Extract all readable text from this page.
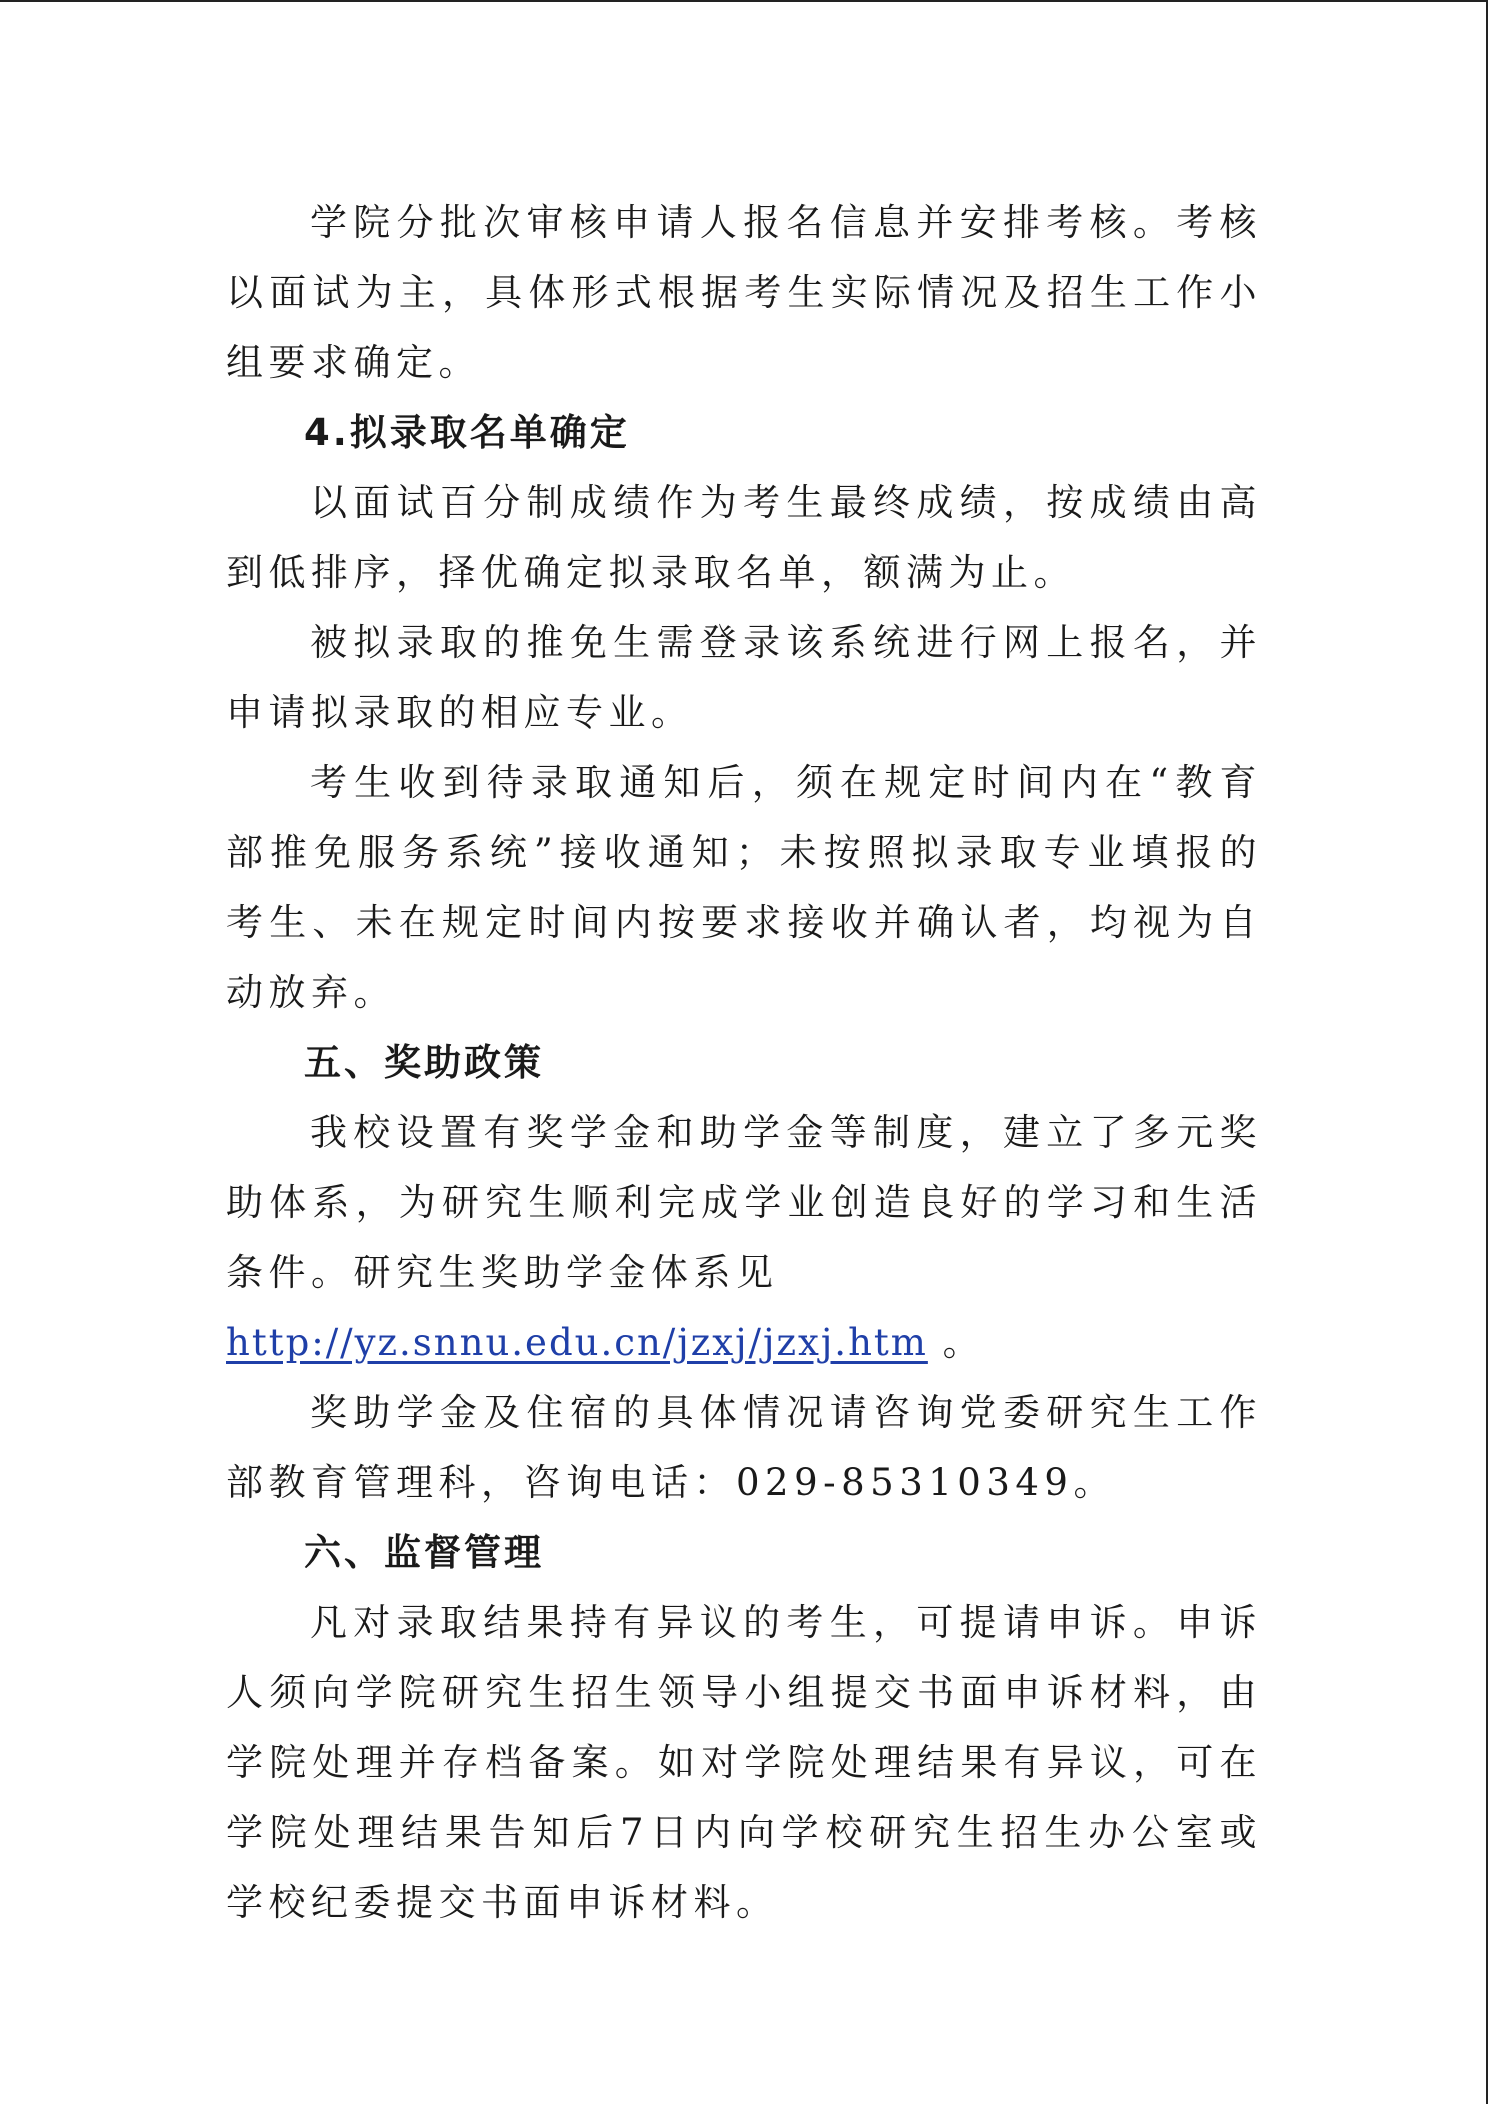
学院分批次审核申请人报名信息并安排考核。考核以面试为主，具体形式根据考生实际情况及招生工作小组要求确定。

4.拟录取名单确定

以面试百分制成绩作为考生最终成绩，按成绩由高到低排序，择优确定拟录取名单，额满为止。

被拟录取的推免生需登录该系统进行网上报名，并申请拟录取的相应专业。

考生收到待录取通知后，须在规定时间内在“教育部推免服务系统”接收通知；未按照拟录取专业填报的考生、未在规定时间内按要求接收并确认者，均视为自动放弃。

五、奖助政策

我校设置有奖学金和助学金等制度，建立了多元奖助体系，为研究生顺利完成学业创造良好的学习和生活条件。研究生奖助学金体系见

http://yz.snnu.edu.cn/jzxj/jzxj.htm 。

奖助学金及住宿的具体情况请咨询党委研究生工作部教育管理科，咨询电话：029-85310349。

六、监督管理

凡对录取结果持有异议的考生，可提请申诉。申诉人须向学院研究生招生领导小组提交书面申诉材料，由学院处理并存档备案。如对学院处理结果有异议，可在学院处理结果告知后7日内向学校研究生招生办公室或学校纪委提交书面申诉材料。
